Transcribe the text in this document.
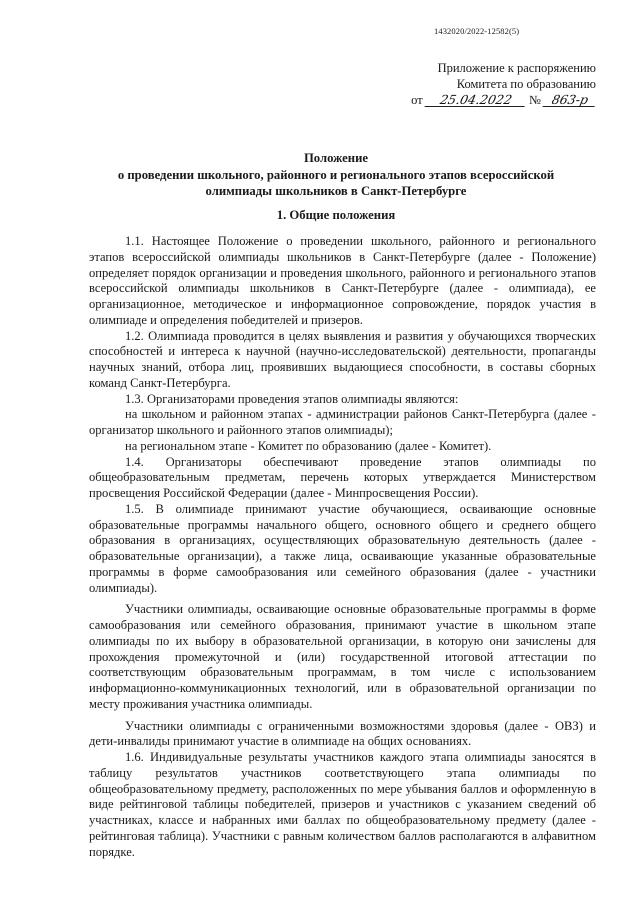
1432020/2022-12582(5)
Приложение к распоряжению
Комитета по образованию
от 25.04.2022 № 863-р
Положение
о проведении школьного, районного и регионального этапов всероссийской
олимпиады школьников в Санкт-Петербурге
1. Общие положения

1.1. Настоящее Положение о проведении школьного, районного и регионального этапов всероссийской олимпиады школьников в Санкт-Петербурге (далее - Положение) определяет порядок организации и проведения школьного, районного и регионального этапов всероссийской олимпиады школьников в Санкт-Петербурге (далее - олимпиада), ее организационное, методическое и информационное сопровождение, порядок участия в олимпиаде и определения победителей и призеров.

1.2. Олимпиада проводится в целях выявления и развития у обучающихся творческих способностей и интереса к научной (научно-исследовательской) деятельности, пропаганды научных знаний, отбора лиц, проявивших выдающиеся способности, в составы сборных команд Санкт-Петербурга.

1.3. Организаторами проведения этапов олимпиады являются:

на школьном и районном этапах - администрации районов Санкт-Петербурга (далее - организатор школьного и районного этапов олимпиады);

на региональном этапе - Комитет по образованию (далее - Комитет).

1.4. Организаторы обеспечивают проведение этапов олимпиады по общеобразовательным предметам, перечень которых утверждается Министерством просвещения Российской Федерации (далее - Минпросвещения России).

1.5. В олимпиаде принимают участие обучающиеся, осваивающие основные образовательные программы начального общего, основного общего и среднего общего образования в организациях, осуществляющих образовательную деятельность (далее - образовательные организации), а также лица, осваивающие указанные образовательные программы в форме самообразования или семейного образования (далее - участники олимпиады).

Участники олимпиады, осваивающие основные образовательные программы в форме самообразования или семейного образования, принимают участие в школьном этапе олимпиады по их выбору в образовательной организации, в которую они зачислены для прохождения промежуточной и (или) государственной итоговой аттестации по соответствующим образовательным программам, в том числе с использованием информационно-коммуникационных технологий, или в образовательной организации по месту проживания участника олимпиады.

Участники олимпиады с ограниченными возможностями здоровья (далее - ОВЗ) и дети-инвалиды принимают участие в олимпиаде на общих основаниях.

1.6. Индивидуальные результаты участников каждого этапа олимпиады заносятся в таблицу результатов участников соответствующего этапа олимпиады по общеобразовательному предмету, расположенных по мере убывания баллов и оформленную в виде рейтинговой таблицы победителей, призеров и участников с указанием сведений об участниках, классе и набранных ими баллах по общеобразовательному предмету (далее - рейтинговая таблица). Участники с равным количеством баллов располагаются в алфавитном порядке.
